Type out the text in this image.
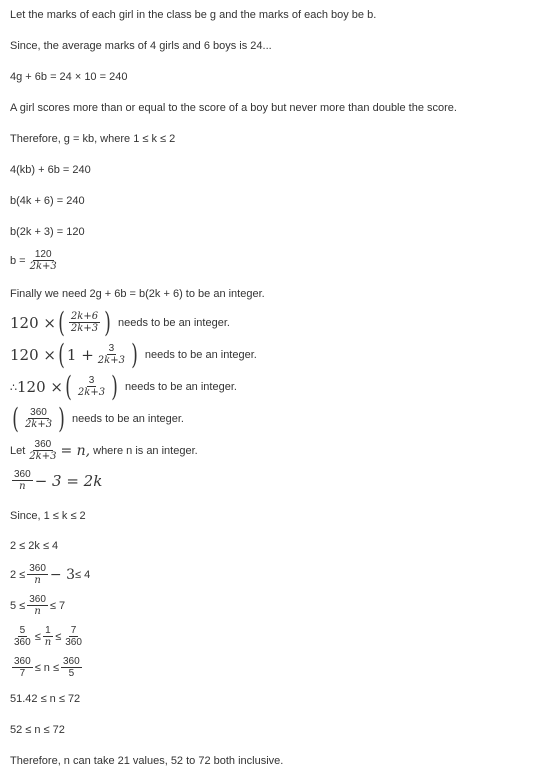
Let the marks of each girl in the class be g and the marks of each boy be b.
Since, the average marks of 4 girls and 6 boys is 24...
4g + 6b = 24 × 10 = 240
A girl scores more than or equal to the score of a boy but never more than double the score.
Therefore, g = kb, where 1 ≤ k ≤ 2
4(kb) + 6b = 240
b(4k + 6) = 240
b(2k + 3) = 120
$b = \frac{120}{2k+3}$
Finally we need 2g + 6b = b(2k + 6) to be an integer.
120 × ( $\frac{2k+6}{2k+3}$ ) needs to be an integer.
120 × ( $1 + \frac{3}{2k+3}$ ) needs to be an integer.
∴ 120 × ( $\frac{3}{2k+3}$ ) needs to be an integer.
( $\frac{360}{2k+3}$ ) needs to be an integer.
Let $\frac{360}{2k+3} = n$, where n is an integer.
$\frac{360}{n} - 3 = 2k$
Since, 1 ≤ k ≤ 2
2 ≤ 2k ≤ 4
$2 \le \frac{360}{n} - 3 \le 4$
$5 \le \frac{360}{n} \le 7$
$\frac{5}{360} \le \frac{1}{n} \le \frac{7}{360}$
$\frac{360}{7} \le n \le \frac{360}{5}$
51.42 ≤ n ≤ 72
52 ≤ n ≤ 72
Therefore, n can take 21 values, 52 to 72 both inclusive.
